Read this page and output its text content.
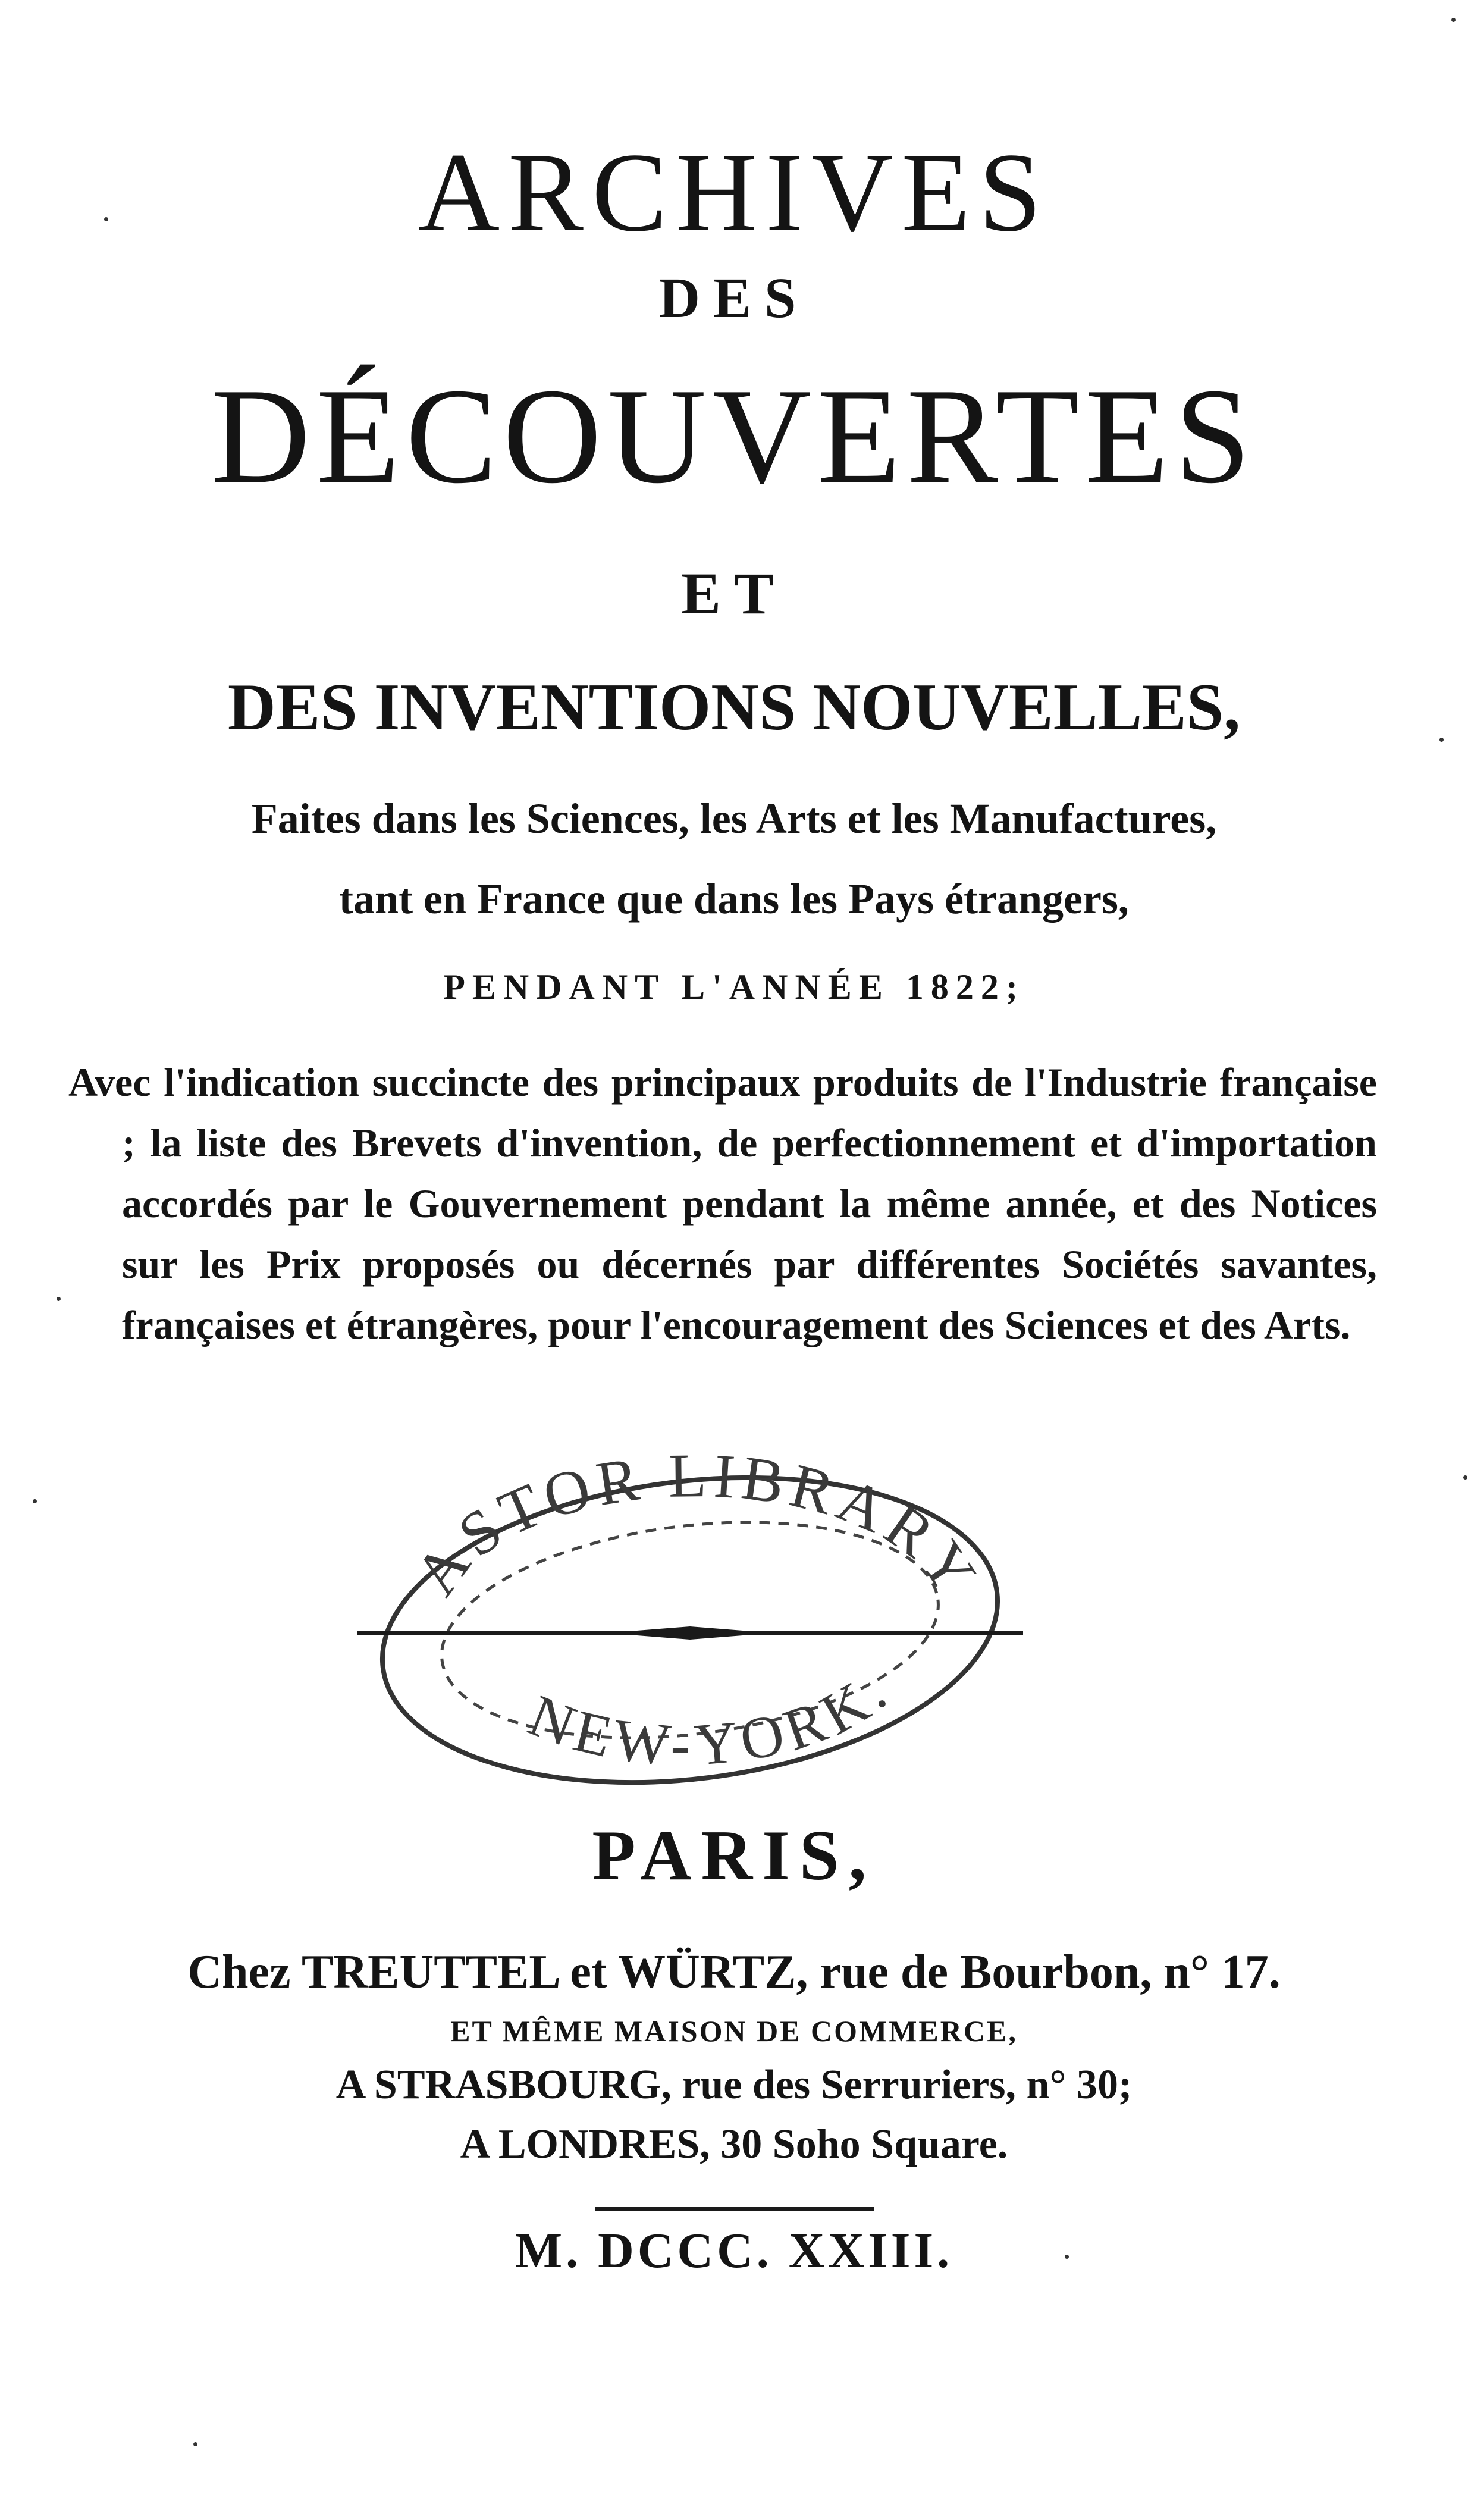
ARCHIVES
DES
DÉCOUVERTES
ET
DES INVENTIONS NOUVELLES,
Faites dans les Sciences, les Arts et les Manufactures,
tant en France que dans les Pays étrangers,
PENDANT L'ANNÉE 1822;
Avec l'indication succincte des principaux produits de l'Industrie française ; la liste des Brevets d'invention, de perfectionnement et d'importation accordés par le Gouvernement pendant la même année, et des Notices sur les Prix proposés ou décernés par différentes Sociétés savantes, françaises et étrangères, pour l'encouragement des Sciences et des Arts.
ASTOR LIBRARY
NEW-YORK.
PARIS,
Chez TREUTTEL et WÜRTZ, rue de Bourbon, n° 17.
ET MÊME MAISON DE COMMERCE,
A STRASBOURG, rue des Serruriers, n° 30;
A LONDRES, 30 Soho Square.
M. DCCC. XXIII.
